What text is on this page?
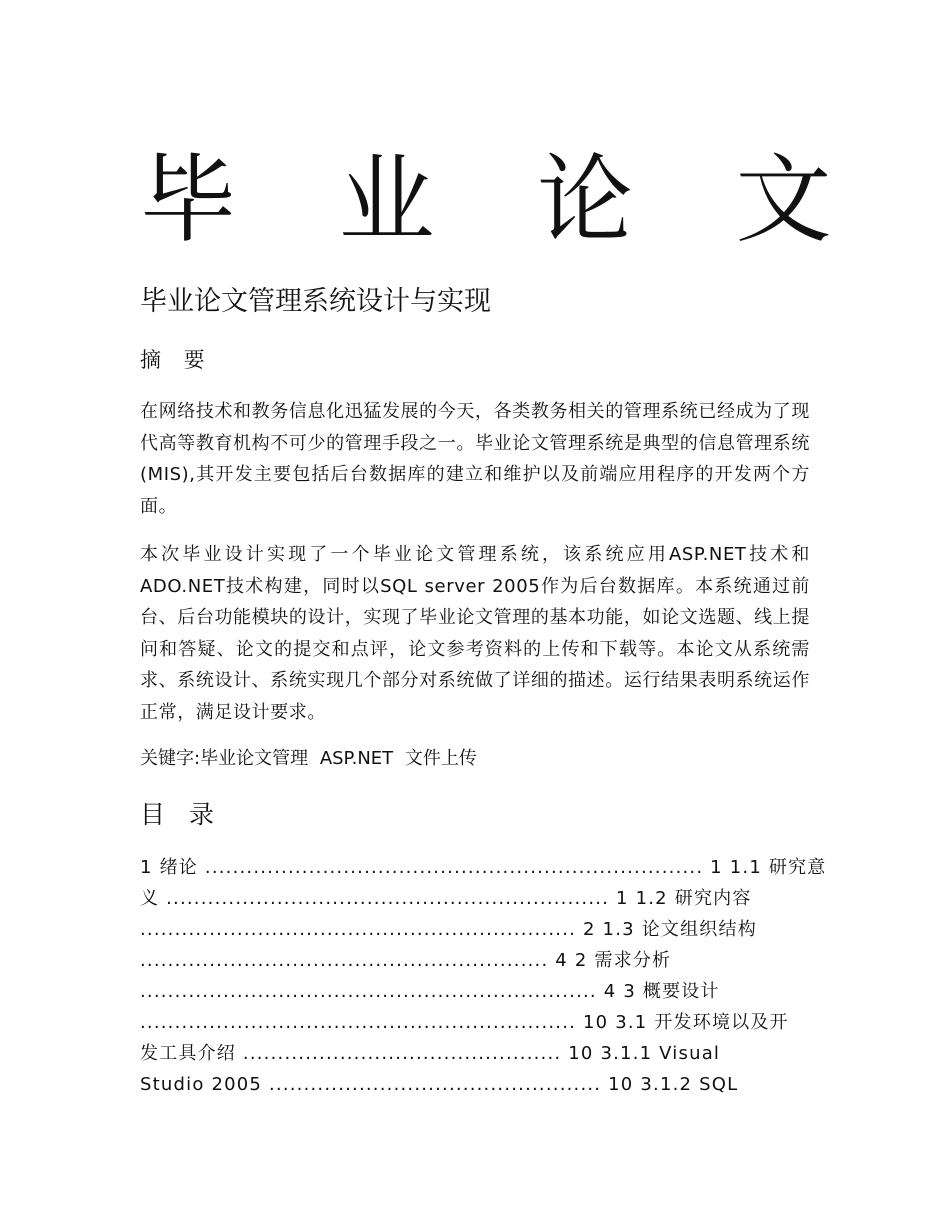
毕 业 论 文
毕业论文管理系统设计与实现
摘 要

在网络技术和教务信息化迅猛发展的今天，各类教务相关的管理系统已经成为了现代高等教育机构不可少的管理手段之一。毕业论文管理系统是典型的信息管理系统(MIS),其开发主要包括后台数据库的建立和维护以及前端应用程序的开发两个方面。

本次毕业设计实现了一个毕业论文管理系统，该系统应用ASP.NET技术和ADO.NET技术构建，同时以SQL server 2005作为后台数据库。本系统通过前台、后台功能模块的设计，实现了毕业论文管理的基本功能，如论文选题、线上提问和答疑、论文的提交和点评，论文参考资料的上传和下载等。本论文从系统需求、系统设计、系统实现几个部分对系统做了详细的描述。运行结果表明系统运作正常，满足设计要求。

关键字:毕业论文管理 ASP.NET 文件上传

目 录
1 绪论 ........................................................................ 1 1.1 研究意
义 ................................................................ 1 1.2 研究内容
............................................................... 2 1.3 论文组织结构
........................................................... 4 2 需求分析
.................................................................. 4 3 概要设计
............................................................... 10 3.1 开发环境以及开
发工具介绍 .............................................. 10 3.1.1 Visual
Studio 2005 ................................................ 10 3.1.2 SQL
